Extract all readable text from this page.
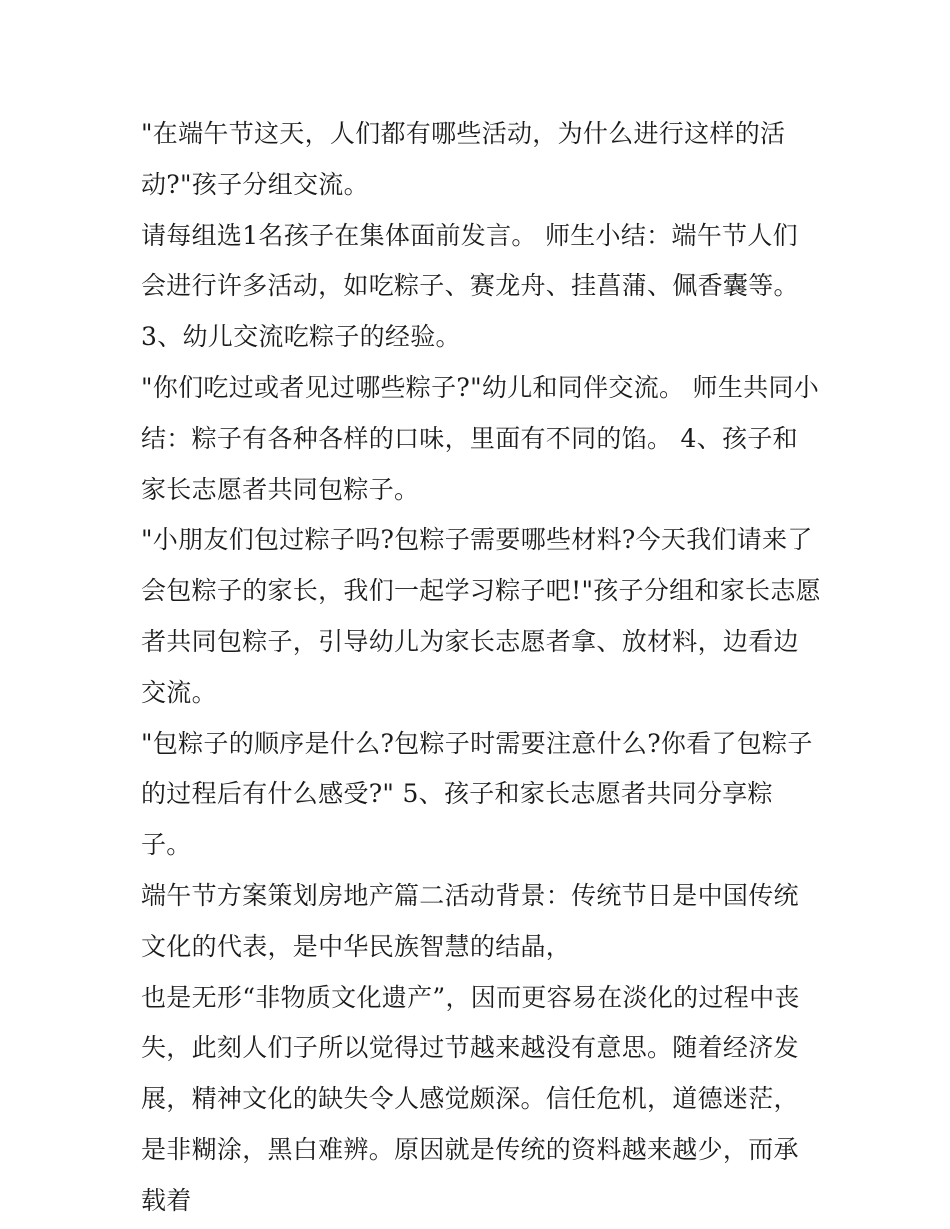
"在端午节这天，人们都有哪些活动，为什么进行这样的活动?"孩子分组交流。

请每组选1名孩子在集体面前发言。 师生小结：端午节人们会进行许多活动，如吃粽子、赛龙舟、挂菖蒲、佩香囊等。

3、幼儿交流吃粽子的经验。

"你们吃过或者见过哪些粽子?"幼儿和同伴交流。 师生共同小结：粽子有各种各样的口味，里面有不同的馅。 4、孩子和家长志愿者共同包粽子。

"小朋友们包过粽子吗?包粽子需要哪些材料?今天我们请来了会包粽子的家长，我们一起学习粽子吧!"孩子分组和家长志愿者共同包粽子，引导幼儿为家长志愿者拿、放材料，边看边交流。

"包粽子的顺序是什么?包粽子时需要注意什么?你看了包粽子的过程后有什么感受?" 5、孩子和家长志愿者共同分享粽子。

端午节方案策划房地产篇二活动背景：传统节日是中国传统文化的代表，是中华民族智慧的结晶，

也是无形“非物质文化遗产”，因而更容易在淡化的过程中丧失，此刻人们子所以觉得过节越来越没有意思。随着经济发展，精神文化的缺失令人感觉颇深。信任危机，道德迷茫，是非糊涂，黑白难辨。原因就是传统的资料越来越少，而承载着
